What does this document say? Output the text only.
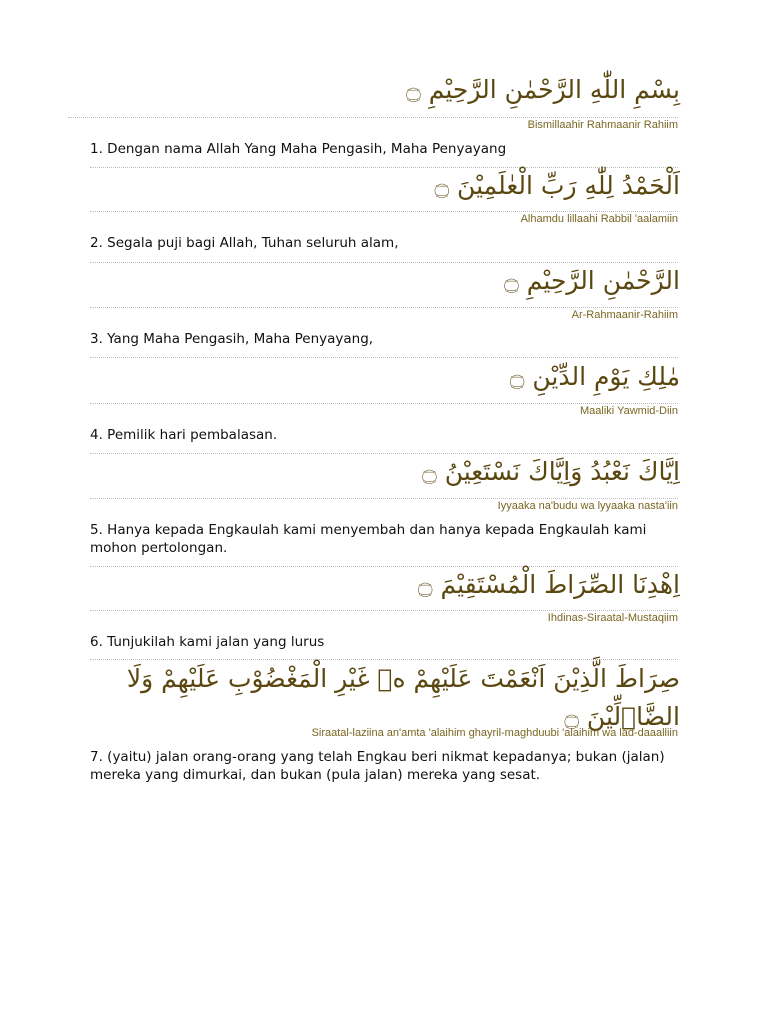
بِسْمِ اللّٰهِ الرَّحْمٰنِ الرَّحِيْمِ ۝
Bismillaahir Rahmaanir Rahiim
1. Dengan nama Allah Yang Maha Pengasih, Maha Penyayang
اَلْحَمْدُ لِلّٰهِ رَبِّ الْعٰلَمِيْنَ ۝
Alhamdu lillaahi Rabbil 'aalamiin
2. Segala puji bagi Allah, Tuhan seluruh alam,
الرَّحْمٰنِ الرَّحِيْمِ ۝
Ar-Rahmaanir-Rahiim
3. Yang Maha Pengasih, Maha Penyayang,
مٰلِكِ يَوْمِ الدِّيْنِ ۝
Maaliki Yawmid-Diin
4. Pemilik hari pembalasan.
اِيَّاكَ نَعْبُدُ وَاِيَّاكَ نَسْتَعِيْنُ ۝
Iyyaaka na'budu wa lyyaaka nasta'iin
5. Hanya kepada Engkaulah kami menyembah dan hanya kepada Engkaulah kami mohon pertolongan.
اِهْدِنَا الصِّرَاطَ الْمُسْتَقِيْمَ ۝
Ihdinas-Siraatal-Mustaqiim
6. Tunjukilah kami jalan yang lurus
صِرَاطَ الَّذِيْنَ اَنْعَمْتَ عَلَيْهِمْ ەۙ غَيْرِ الْمَغْضُوْبِ عَلَيْهِمْ وَلَا الضَّاۤلِّيْنَ ۝
Siraatal-laziina an'amta 'alaihim ghayril-maghduubi 'alaihim wa lad-daaalliin
7. (yaitu) jalan orang-orang yang telah Engkau beri nikmat kepadanya; bukan (jalan) mereka yang dimurkai, dan bukan (pula jalan) mereka yang sesat.
